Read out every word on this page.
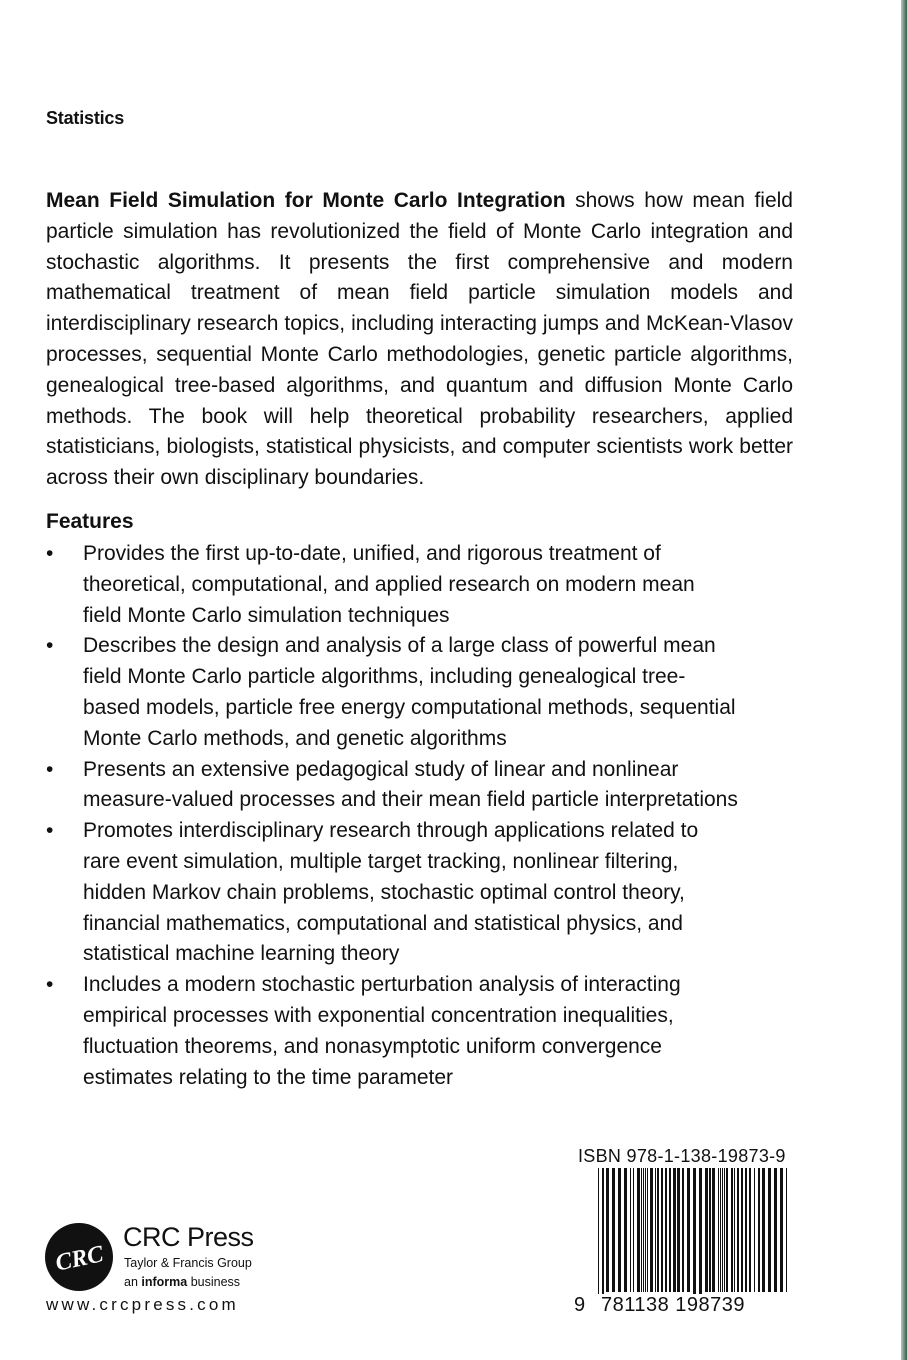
Statistics

Mean Field Simulation for Monte Carlo Integration shows how mean field particle simulation has revolutionized the field of Monte Carlo integration and stochastic algorithms. It presents the first comprehensive and modern mathematical treatment of mean field particle simulation models and interdisciplinary research topics, including interacting jumps and McKean-Vlasov processes, sequential Monte Carlo methodologies, genetic particle algorithms, genealogical tree-based algorithms, and quantum and diffusion Monte Carlo methods. The book will help theoretical probability researchers, applied statisticians, biologists, statistical physicists, and computer scientists work better across their own disciplinary boundaries.

Features
• Provides the first up-to-date, unified, and rigorous treatment of
theoretical, computational, and applied research on modern mean
field Monte Carlo simulation techniques
• Describes the design and analysis of a large class of powerful mean
field Monte Carlo particle algorithms, including genealogical tree-
based models, particle free energy computational methods, sequential
Monte Carlo methods, and genetic algorithms
• Presents an extensive pedagogical study of linear and nonlinear
measure-valued processes and their mean field particle interpretations
• Promotes interdisciplinary research through applications related to
rare event simulation, multiple target tracking, nonlinear filtering,
hidden Markov chain problems, stochastic optimal control theory,
financial mathematics, computational and statistical physics, and
statistical machine learning theory
• Includes a modern stochastic perturbation analysis of interacting
empirical processes with exponential concentration inequalities,
fluctuation theorems, and nonasymptotic uniform convergence
estimates relating to the time parameter
ISBN 978-1-138-19873-9
9 781138 198739
CRC
CRC Press
Taylor & Francis Group
an informa business
www.crcpress.com
